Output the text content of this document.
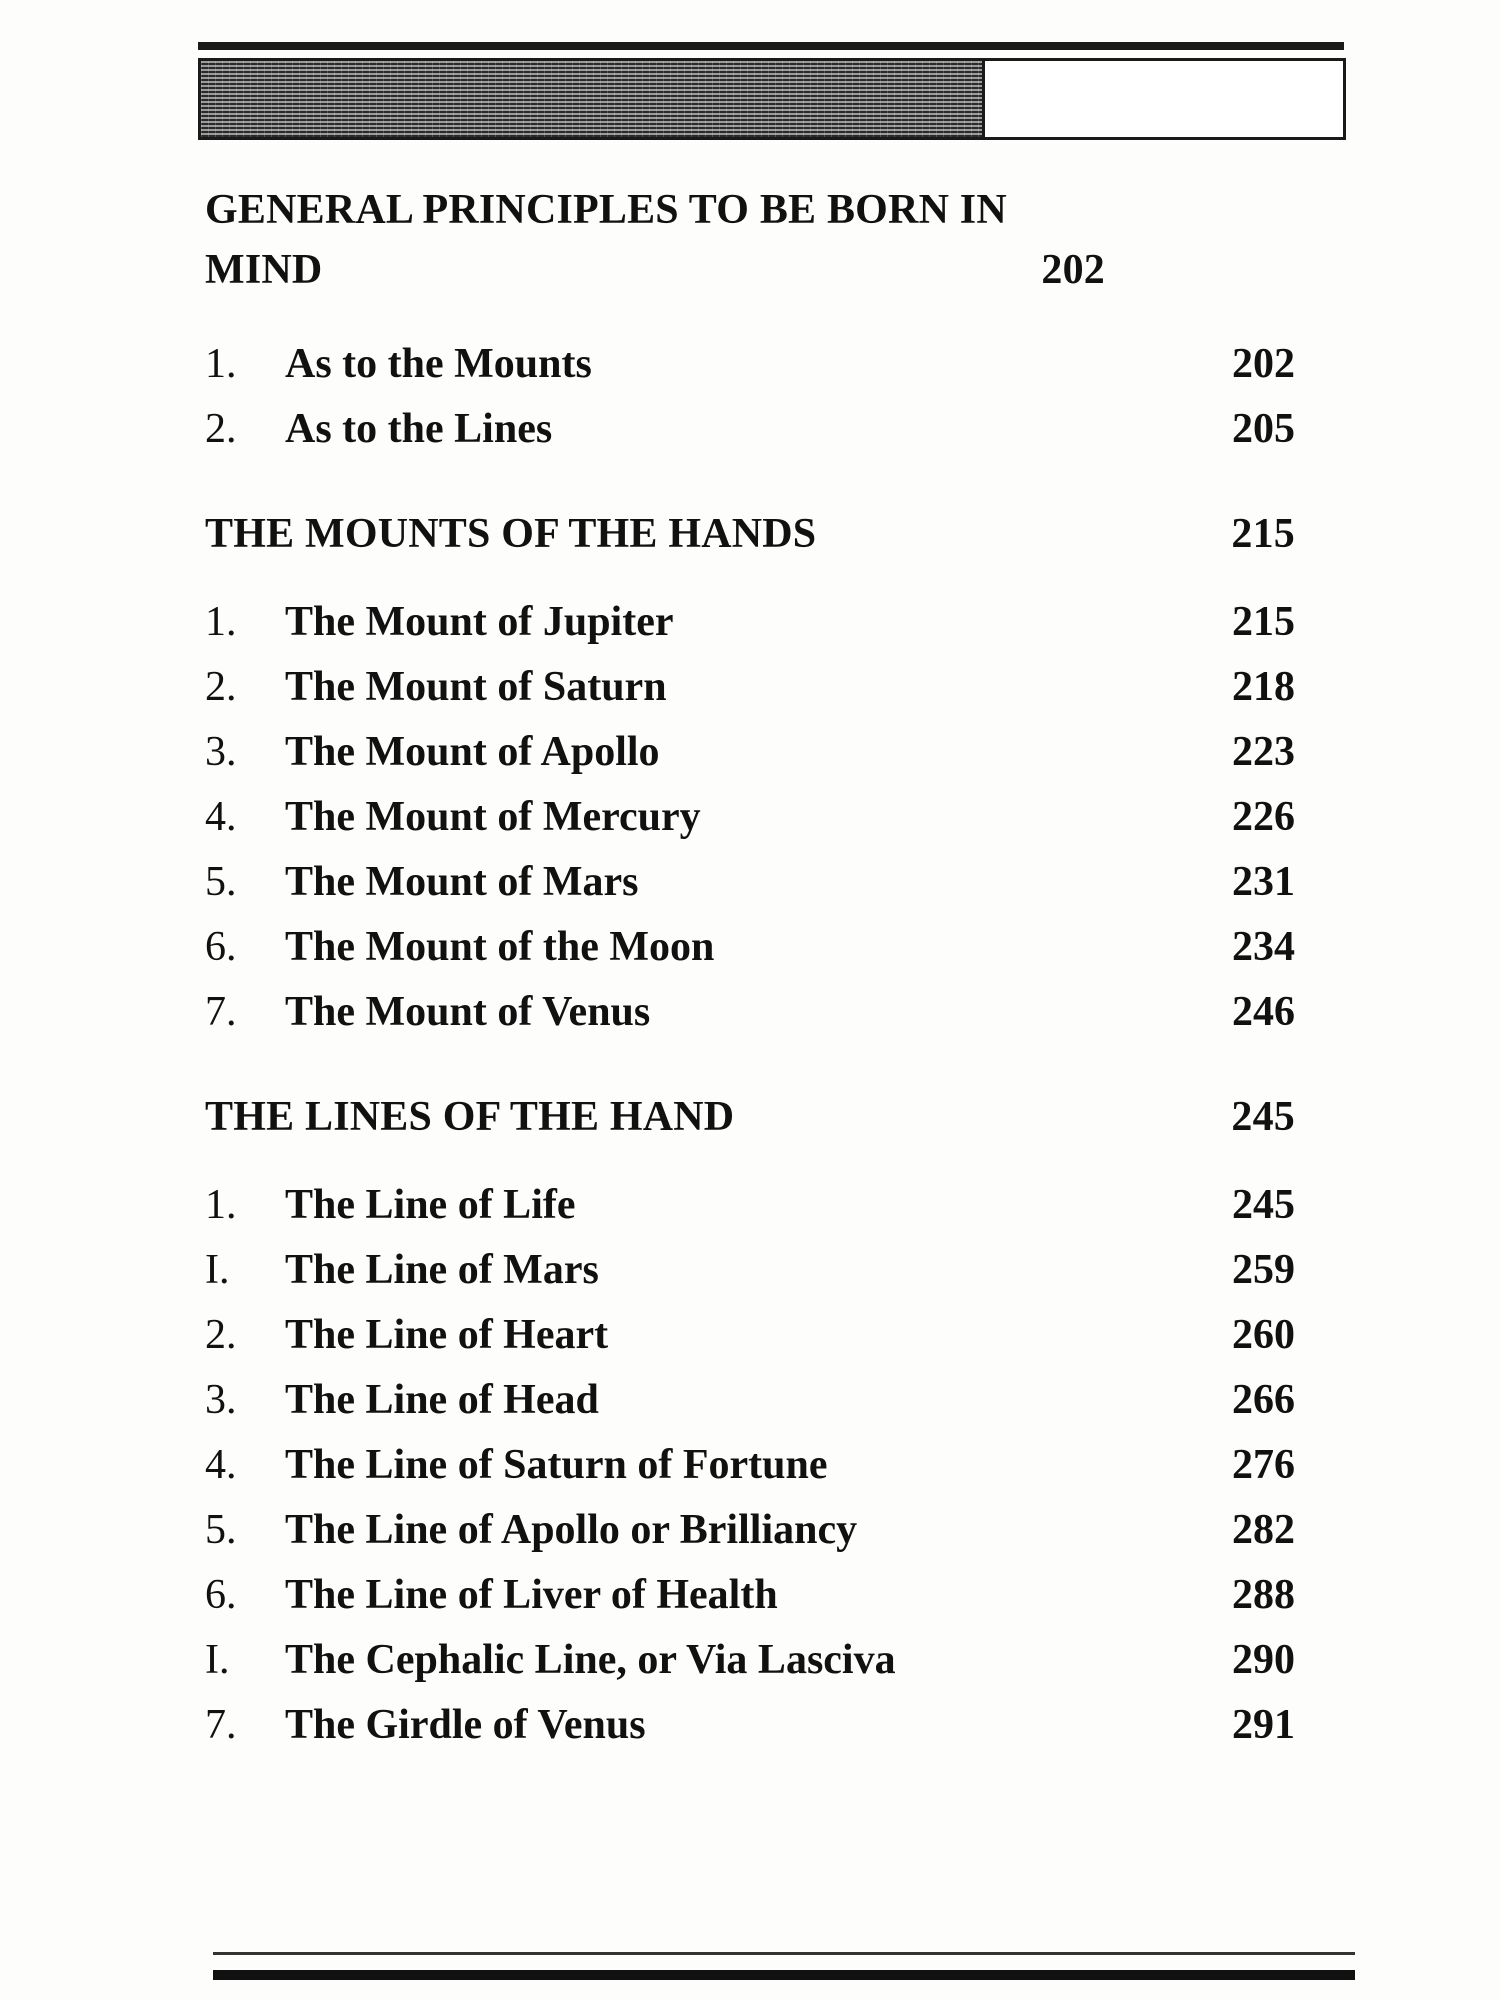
GENERAL PRINCIPLES TO BE BORN IN MIND	202
1.	As to the Mounts	202
2.	As to the Lines	205
THE MOUNTS OF THE HANDS	215
1.	The Mount of Jupiter	215
2.	The Mount of Saturn	218
3.	The Mount of Apollo	223
4.	The Mount of Mercury	226
5.	The Mount of Mars	231
6.	The Mount of the Moon	234
7.	The Mount of Venus	246
THE LINES OF THE HAND	245
1.	The Line of Life	245
I.	The Line of Mars	259
2.	The Line of Heart	260
3.	The Line of Head	266
4.	The Line of Saturn of Fortune	276
5.	The Line of Apollo or Brilliancy	282
6.	The Line of Liver of Health	288
I.	The Cephalic Line, or Via Lasciva	290
7.	The Girdle of Venus	291
